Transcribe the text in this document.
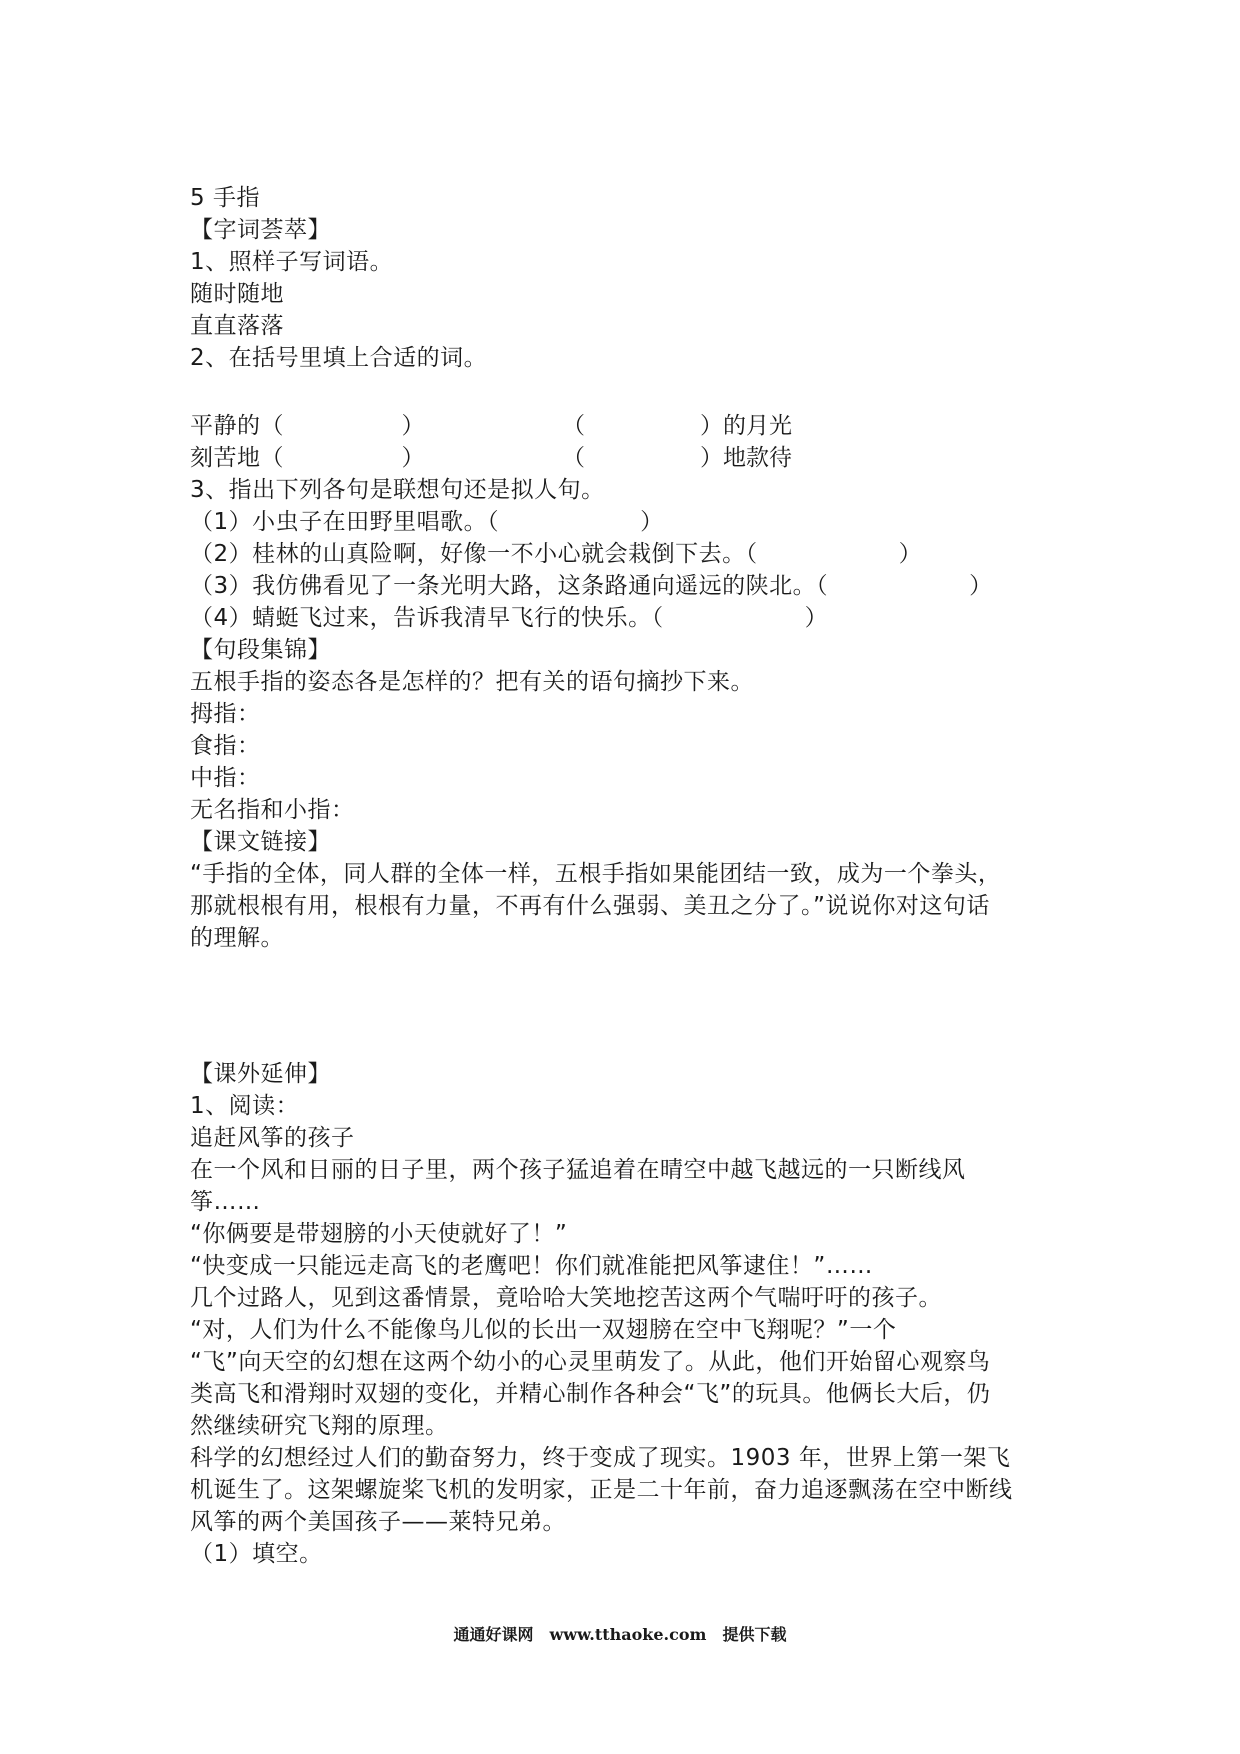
5 手指
【字词荟萃】
1、照样子写词语。
随时随地
直直落落
2、在括号里填上合适的词。
平静的（　　　　　）	（　　　　　）的月光
刻苦地（　　　　　）	（　　　　　）地款待
3、指出下列各句是联想句还是拟人句。
（1）小虫子在田野里唱歌。（　　　　　　）
（2）桂林的山真险啊，好像一不小心就会栽倒下去。（　　　　　　）
（3）我仿佛看见了一条光明大路，这条路通向遥远的陕北。（　　　　　　）
（4）蜻蜓飞过来，告诉我清早飞行的快乐。（　　　　　　）
【句段集锦】
五根手指的姿态各是怎样的？把有关的语句摘抄下来。
拇指：
食指：
中指：
无名指和小指：
【课文链接】
“手指的全体，同人群的全体一样，五根手指如果能团结一致，成为一个拳头，
那就根根有用，根根有力量，不再有什么强弱、美丑之分了。”说说你对这句话
的理解。
【课外延伸】
1、阅读：
追赶风筝的孩子
在一个风和日丽的日子里，两个孩子猛追着在晴空中越飞越远的一只断线风
筝……
“你俩要是带翅膀的小天使就好了！”
“快变成一只能远走高飞的老鹰吧！你们就准能把风筝逮住！”……
几个过路人，见到这番情景，竟哈哈大笑地挖苦这两个气喘吁吁的孩子。
“对，人们为什么不能像鸟儿似的长出一双翅膀在空中飞翔呢？”一个
“飞”向天空的幻想在这两个幼小的心灵里萌发了。从此，他们开始留心观察鸟
类高飞和滑翔时双翅的变化，并精心制作各种会“飞”的玩具。他俩长大后，仍
然继续研究飞翔的原理。
科学的幻想经过人们的勤奋努力，终于变成了现实。1903 年，世界上第一架飞
机诞生了。这架螺旋桨飞机的发明家，正是二十年前，奋力追逐飘荡在空中断线
风筝的两个美国孩子——莱特兄弟。
（1）填空。
通通好课网　www.tthaoke.com　提供下载
